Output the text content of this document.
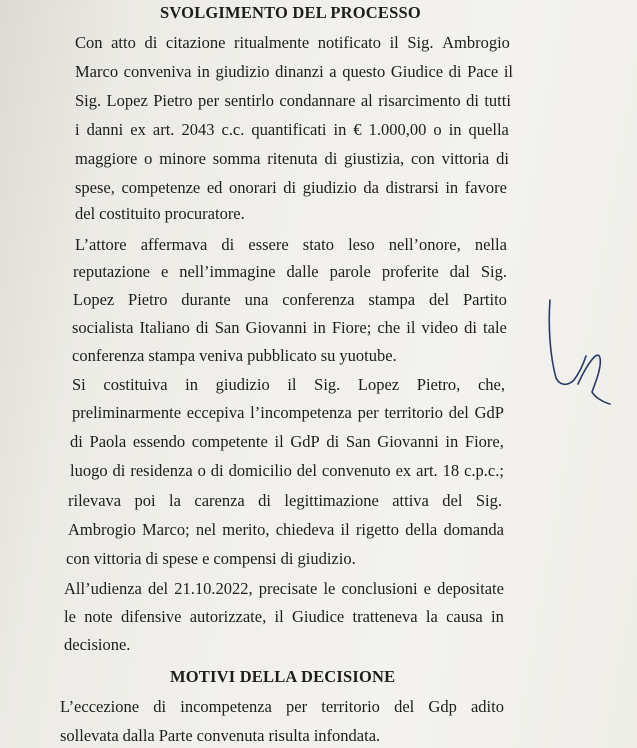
SVOLGIMENTO DEL PROCESSO
Con atto di citazione ritualmente notificato il Sig. Ambrogio
Marco conveniva in giudizio dinanzi a questo Giudice di Pace il
Sig. Lopez Pietro per sentirlo condannare al risarcimento di tutti
i danni ex art. 2043 c.c. quantificati in € 1.000,00 o in quella
maggiore o minore somma ritenuta di giustizia, con vittoria di
spese, competenze ed onorari di giudizio da distrarsi in favore
del costituito procuratore.
L’attore affermava di essere stato leso nell’onore, nella
reputazione e nell’immagine dalle parole proferite dal Sig.
Lopez Pietro durante una conferenza stampa del Partito
socialista Italiano di San Giovanni in Fiore; che il video di tale
conferenza stampa veniva pubblicato su yuotube.
Si costituiva in giudizio il Sig. Lopez Pietro, che,
preliminarmente eccepiva l’incompetenza per territorio del GdP
di Paola essendo competente il GdP di San Giovanni in Fiore,
luogo di residenza o di domicilio del convenuto ex art. 18 c.p.c.;
rilevava poi la carenza di legittimazione attiva del Sig.
Ambrogio Marco; nel merito, chiedeva il rigetto della domanda
con vittoria di spese e compensi di giudizio.
All’udienza del 21.10.2022, precisate le conclusioni e depositate
le note difensive autorizzate, il Giudice tratteneva la causa in
decisione.
MOTIVI DELLA DECISIONE
L’eccezione di incompetenza per territorio del Gdp adito
sollevata dalla Parte convenuta risulta infondata.
